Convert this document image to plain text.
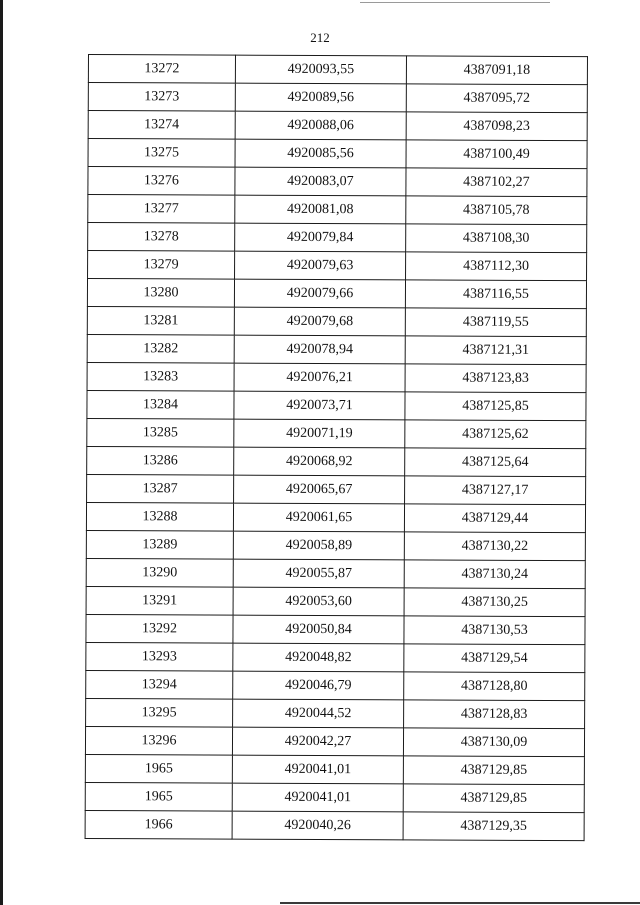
212
13272	4920093,55	4387091,18
13273	4920089,56	4387095,72
13274	4920088,06	4387098,23
13275	4920085,56	4387100,49
13276	4920083,07	4387102,27
13277	4920081,08	4387105,78
13278	4920079,84	4387108,30
13279	4920079,63	4387112,30
13280	4920079,66	4387116,55
13281	4920079,68	4387119,55
13282	4920078,94	4387121,31
13283	4920076,21	4387123,83
13284	4920073,71	4387125,85
13285	4920071,19	4387125,62
13286	4920068,92	4387125,64
13287	4920065,67	4387127,17
13288	4920061,65	4387129,44
13289	4920058,89	4387130,22
13290	4920055,87	4387130,24
13291	4920053,60	4387130,25
13292	4920050,84	4387130,53
13293	4920048,82	4387129,54
13294	4920046,79	4387128,80
13295	4920044,52	4387128,83
13296	4920042,27	4387130,09
1965	4920041,01	4387129,85
1965	4920041,01	4387129,85
1966	4920040,26	4387129,35
